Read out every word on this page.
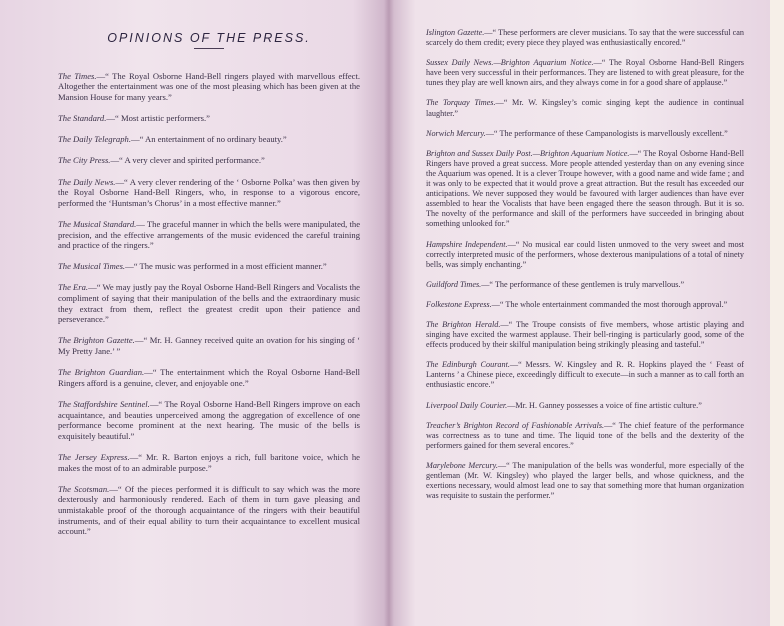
OPINIONS OF THE PRESS.

The Times.—“ The Royal Osborne Hand-Bell ringers played with marvellous effect. Altogether the entertainment was one of the most pleasing which has been given at the Mansion House for many years.”

The Standard.—“ Most artistic performers.”

The Daily Telegraph.—“ An entertainment of no ordinary beauty.”

The City Press.—“ A very clever and spirited performance.”

The Daily News.—“ A very clever rendering of the ‘ Osborne Polka’ was then given by the Royal Osborne Hand-Bell Ringers, who, in response to a vigorous encore, performed the ‘Huntsman’s Chorus’ in a most effective manner.”

The Musical Standard.— The graceful manner in which the bells were manipulated, the precision, and the effective arrangements of the music evidenced the careful training and practice of the ringers.”

The Musical Times.—“ The music was performed in a most efficient manner.”

The Era.—“ We may justly pay the Royal Osborne Hand-Bell Ringers and Vocalists the compliment of saying that their manipulation of the bells and the extraordinary music they extract from them, reflect the greatest credit upon their patience and perseverance.”

The Brighton Gazette.—“ Mr. H. Ganney received quite an ovation for his singing of ‘ My Pretty Jane.’ ”

The Brighton Guardian.—“ The entertainment which the Royal Osborne Hand-Bell Ringers afford is a genuine, clever, and enjoyable one.”

The Staffordshire Sentinel.—“ The Royal Osborne Hand-Bell Ringers improve on each acquaintance, and beauties unperceived among the aggregation of excellence of one performance become prominent at the next hearing. The music of the bells is exquisitely beautiful.”

The Jersey Express.—“ Mr. R. Barton enjoys a rich, full baritone voice, which he makes the most of to an admirable purpose.”

The Scotsman.—“ Of the pieces performed it is difficult to say which was the more dexterously and harmoniously rendered. Each of them in turn gave pleasing and unmistakable proof of the thorough acquaintance of the ringers with their beautiful instruments, and of their equal ability to turn their acquaintance to excellent musical account.”

Islington Gazette.—“ These performers are clever musicians. To say that the were successful can scarcely do them credit; every piece they played was enthusiastically encored.”

Sussex Daily News.—Brighton Aquarium Notice.—“ The Royal Osborne Hand-Bell Ringers have been very successful in their performances. They are listened to with great pleasure, for the tunes they play are well known airs, and they always come in for a good share of applause.”

The Torquay Times.—“ Mr. W. Kingsley’s comic singing kept the audience in continual laughter.”

Norwich Mercury.—“ The performance of these Campanologists is marvellously excellent.”

Brighton and Sussex Daily Post.—Brighton Aquarium Notice.—“ The Royal Osborne Hand-Bell Ringers have proved a great success. More people attended yesterday than on any evening since the Aquarium was opened. It is a clever Troupe however, with a good name and wide fame ; and it was only to be expected that it would prove a great attraction. But the result has exceeded our anticipations. We never supposed they would be favoured with larger audiences than have ever assembled to hear the Vocalists that have been engaged there the season through. But it is so. The novelty of the performance and skill of the performers have succeeded in bringing about something unlooked for.”

Hampshire Independent.—“ No musical ear could listen unmoved to the very sweet and most correctly interpreted music of the performers, whose dexterous manipulations of a total of ninety bells, was simply enchanting.”

Guildford Times.—“ The performance of these gentlemen is truly marvellous.”

Folkestone Express.—“ The whole entertainment commanded the most thorough approval.”

The Brighton Herald.—“ The Troupe consists of five members, whose artistic playing and singing have excited the warmest applause. Their bell-ringing is particularly good, some of the effects produced by their skilful manipulation being strikingly pleasing and tasteful.”

The Edinburgh Courant.—“ Messrs. W. Kingsley and R. R. Hopkins played the ‘ Feast of Lanterns ’ a Chinese piece, exceedingly difficult to execute—in such a manner as to call forth an enthusiastic encore.”

Liverpool Daily Courier.—Mr. H. Ganney possesses a voice of fine artistic culture.”

Treacher’s Brighton Record of Fashionable Arrivals.—“ The chief feature of the performance was correctness as to tune and time. The liquid tone of the bells and the dexterity of the performers gained for them several encores.”

Marylebone Mercury.—“ The manipulation of the bells was wonderful, more especially of the gentleman (Mr. W. Kingsley) who played the larger bells, and whose quickness, and the exertions necessary, would almost lead one to say that something more that human organization was requisite to sustain the performer.”
